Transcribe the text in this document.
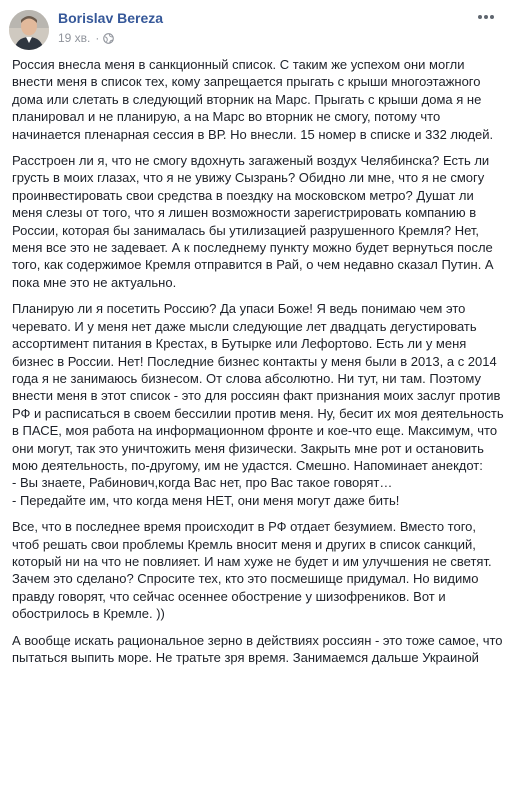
Borislav Bereza
19 хв. ·

Россия внесла меня в санкционный список. С таким же успехом они могли внести меня в список тех, кому запрещается прыгать с крыши многоэтажного дома или слетать в следующий вторник на Марс. Прыгать с крыши дома я не планировал и не планирую, а на Марс во вторник не смогу, потому что начинается пленарная сессия в ВР. Но внесли. 15 номер в списке и 332 людей.

Расстроен ли я, что не смогу вдохнуть загаженый воздух Челябинска? Есть ли грусть в моих глазах, что я не увижу Сызрань? Обидно ли мне, что я не смогу проинвестировать свои средства в поездку на московском метро? Душат ли меня слезы от того, что я лишен возможности зарегистрировать компанию в России, которая бы занималась бы утилизацией разрушенного Кремля? Нет, меня все это не задевает. А к последнему пункту можно будет вернуться после того, как содержимое Кремля отправится в Рай, о чем недавно сказал Путин. А пока мне это не актуально.

Планирую ли я посетить Россию? Да упаси Боже! Я ведь понимаю чем это черевато. И у меня нет даже мысли следующие лет двадцать дегустировать ассортимент питания в Крестах, в Бутырке или Лефортово. Есть ли у меня бизнес в России. Нет! Последние бизнес контакты у меня были в 2013, а с 2014 года я не занимаюсь бизнесом. От слова абсолютно. Ни тут, ни там. Поэтому внести меня в этот список - это для россиян факт признания моих заслуг против РФ и расписаться в своем бессилии против меня. Ну, бесит их моя деятельность в ПАСЕ, моя работа на информационном фронте и кое-что еще. Максимум, что они могут, так это уничтожить меня физически. Закрыть мне рот и остановить мою деятельность, по-другому, им не удастся. Смешно. Напоминает анекдот:
- Вы знаете, Рабинович,когда Вас нет, про Вас такое говорят…
- Передайте им, что когда меня НЕТ, они меня могут даже бить!

Все, что в последнее время происходит в РФ отдает безумием. Вместо того, чтоб решать свои проблемы Кремль вносит меня и других в список санкций, который ни на что не повлияет. И нам хуже не будет и им улучшения не светят. Зачем это сделано? Спросите тех, кто это посмешище придумал. Но видимо правду говорят, что сейчас осеннее обострение у шизофреников. Вот и обострилось в Кремле. ))

А вообще искать рациональное зерно в действиях россиян - это тоже самое, что пытаться выпить море. Не тратьте зря время. Занимаемся дальше Украиной
